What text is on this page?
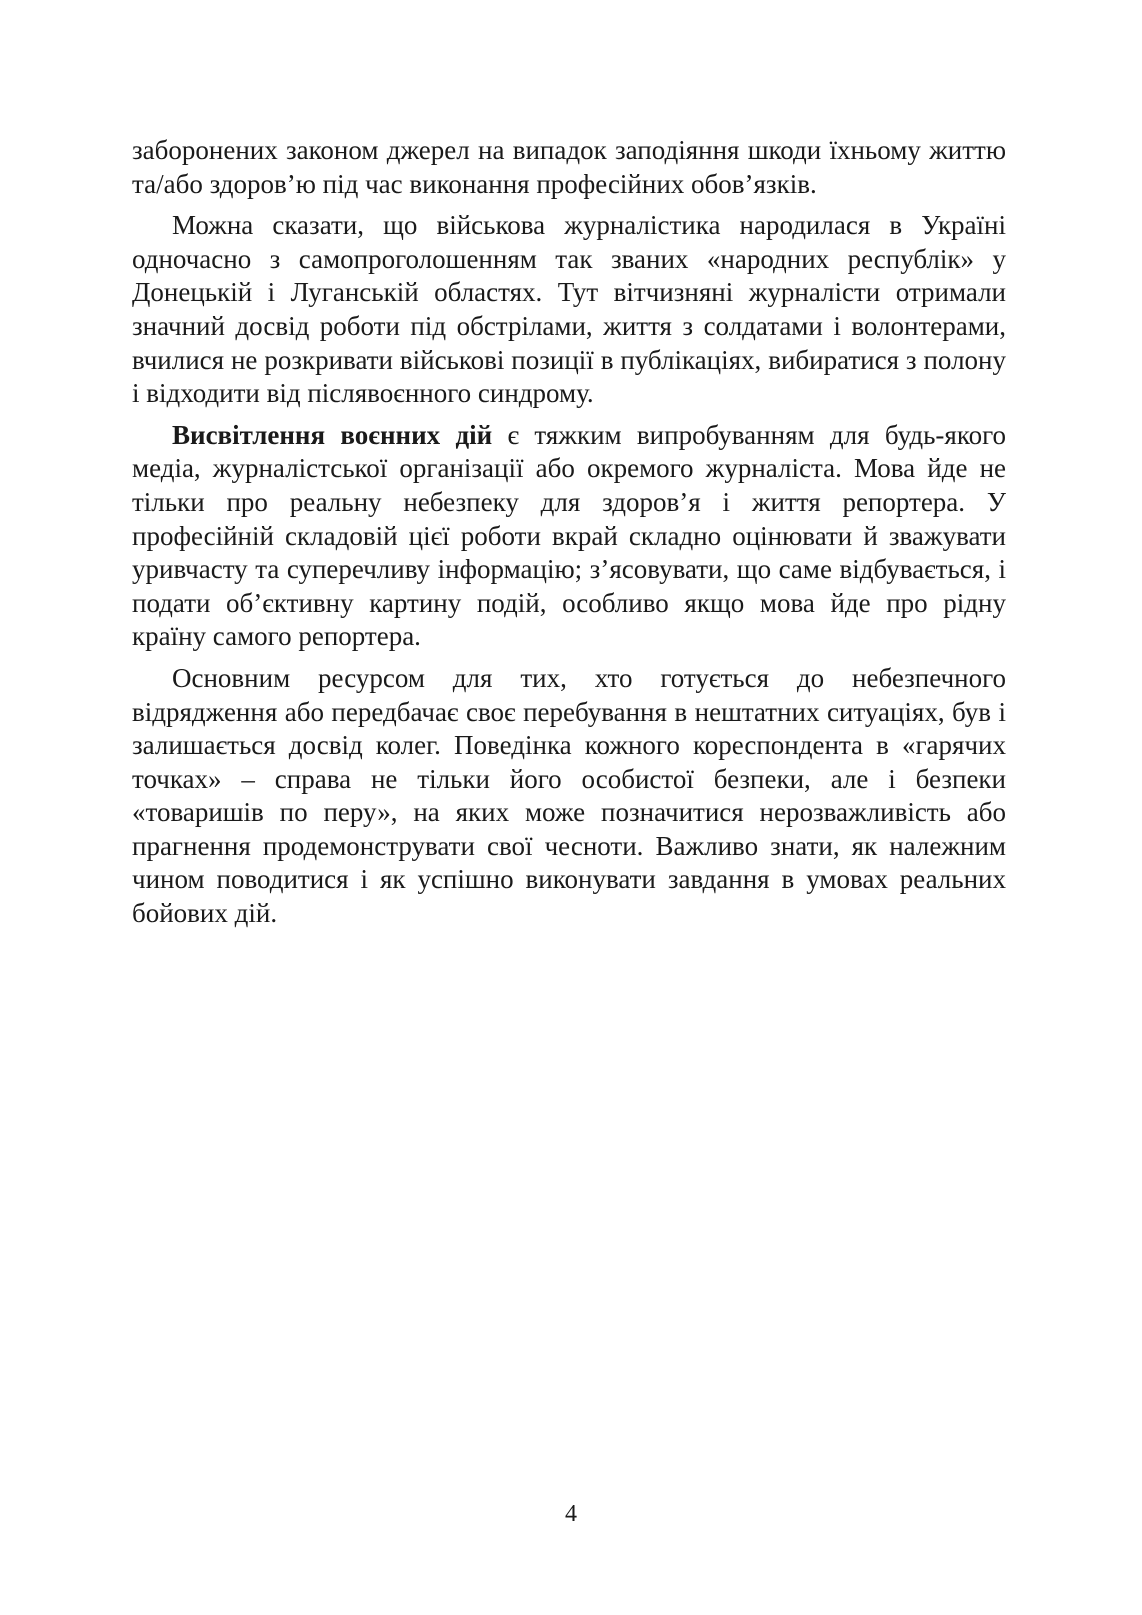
заборонених законом джерел на випадок заподіяння шкоди їхньому життю та/або здоров’ю під час виконання професійних обов’язків.

Можна сказати, що військова журналістика народилася в Україні одночасно з самопроголошенням так званих «народних республік» у Донецькій і Луганській областях. Тут вітчизняні журналісти отримали значний досвід роботи під обстрілами, життя з солдатами і волонтерами, вчилися не розкривати військові позиції в публікаціях, вибиратися з полону і відходити від післявоєнного синдрому.

Висвітлення воєнних дій є тяжким випробуванням для будь-якого медіа, журналістської організації або окремого журналіста. Мова йде не тільки про реальну небезпеку для здоров’я і життя репортера. У професійній складовій цієї роботи вкрай складно оцінювати й зважувати уривчасту та суперечливу інформацію; з’ясовувати, що саме відбувається, і подати об’єктивну картину подій, особливо якщо мова йде про рідну країну самого репортера.

Основним ресурсом для тих, хто готується до небезпечного відрядження або передбачає своє перебування в нештатних ситуаціях, був і залишається досвід колег. Поведінка кожного кореспондента в «гарячих точках» – справа не тільки його особистої безпеки, але і безпеки «товаришів по перу», на яких може позначитися нерозважливість або прагнення продемонструвати свої чесноти. Важливо знати, як належним чином поводитися і як успішно виконувати завдання в умовах реальних бойових дій.

4
